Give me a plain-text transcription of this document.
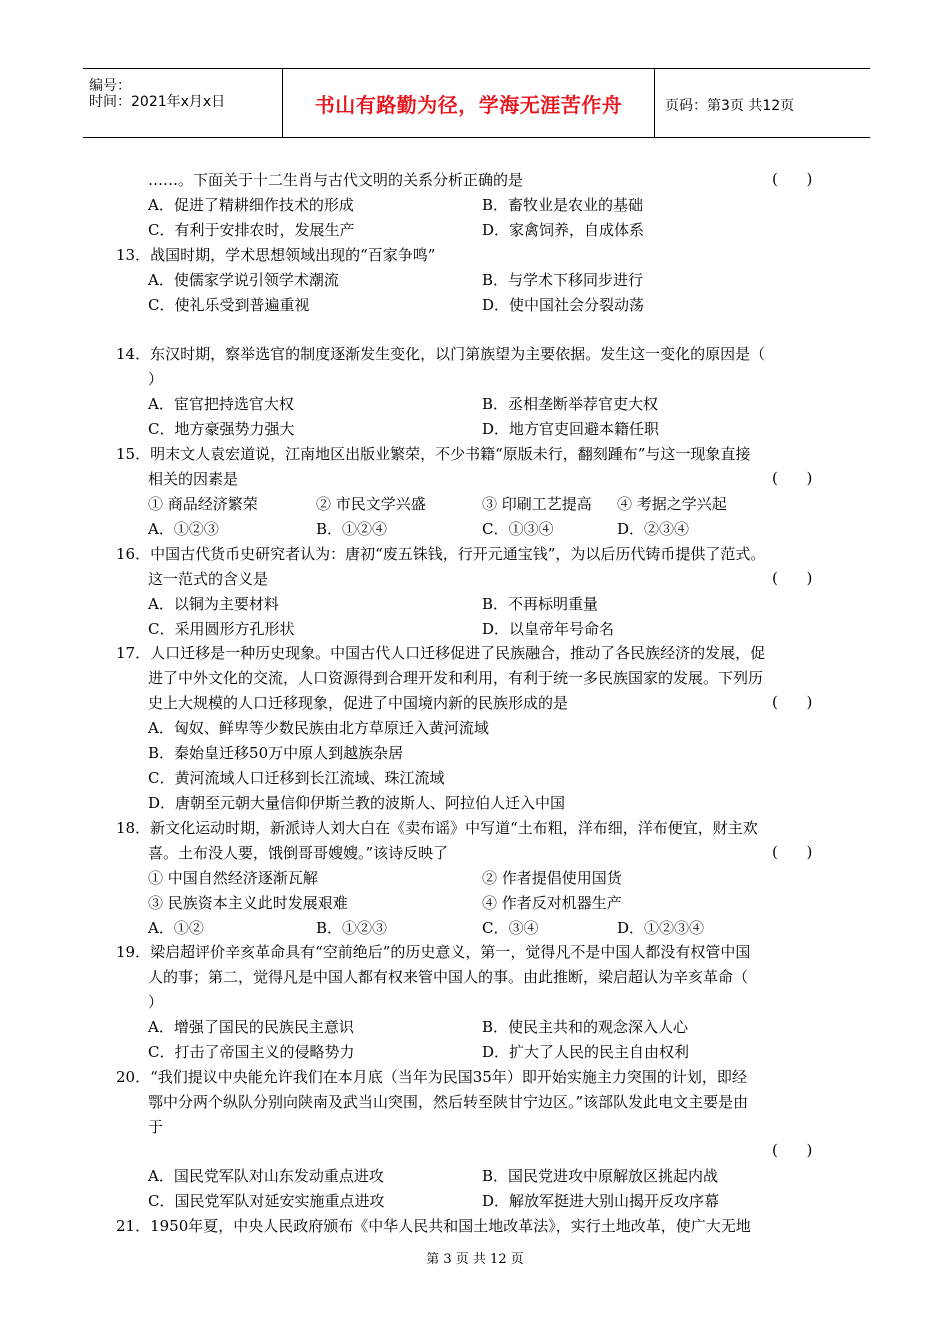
编号：
时间：2021年x月x日	书山有路勤为径，学海无涯苦作舟	页码：第3页 共12页
……。下面关于十二生肖与古代文明的关系分析正确的是	(      )
A．促进了精耕细作技术的形成	B．畜牧业是农业的基础
C．有利于安排农时，发展生产	D．家禽饲养，自成体系
13．战国时期，学术思想领域出现的“百家争鸣”
A．使儒家学说引领学术潮流	B．与学术下移同步进行
C．使礼乐受到普遍重视	D．使中国社会分裂动荡
14．东汉时期，察举选官的制度逐渐发生变化，以门第族望为主要依据。发生这一变化的原因是（
）
A．宦官把持选官大权	B．丞相垄断举荐官吏大权
C．地方豪强势力强大	D．地方官吏回避本籍任职
15．明末文人袁宏道说，江南地区出版业繁荣，不少书籍“原版未行，翻刻踵布”与这一现象直接
相关的因素是	(      )
① 商品经济繁荣	② 市民文学兴盛	③ 印刷工艺提高 ④ 考据之学兴起
A．①②③	B．①②④	C．①③④	D．②③④
16．中国古代货币史研究者认为：唐初“废五铢钱，行开元通宝钱”，为以后历代铸币提供了范式。
这一范式的含义是	(      )
A．以铜为主要材料	B．不再标明重量
C．采用圆形方孔形状	D．以皇帝年号命名
17．人口迁移是一种历史现象。中国古代人口迁移促进了民族融合，推动了各民族经济的发展，促
进了中外文化的交流，人口资源得到合理开发和利用，有利于统一多民族国家的发展。下列历
史上大规模的人口迁移现象，促进了中国境内新的民族形成的是	(      )
A．匈奴、鲜卑等少数民族由北方草原迁入黄河流域
B．秦始皇迁移50万中原人到越族杂居
C．黄河流域人口迁移到长江流域、珠江流域
D．唐朝至元朝大量信仰伊斯兰教的波斯人、阿拉伯人迁入中国
18．新文化运动时期，新派诗人刘大白在《卖布谣》中写道“土布粗，洋布细，洋布便宜，财主欢
喜。土布没人要，饿倒哥哥嫂嫂。”该诗反映了	(      )
① 中国自然经济逐渐瓦解	② 作者提倡使用国货
③ 民族资本主义此时发展艰难	④ 作者反对机器生产
A．①②	B．①②③	C．③④	D．①②③④
19．梁启超评价辛亥革命具有“空前绝后”的历史意义，第一，觉得凡不是中国人都没有权管中国
人的事；第二，觉得凡是中国人都有权来管中国人的事。由此推断，梁启超认为辛亥革命（
）
A．增强了国民的民族民主意识	B．使民主共和的观念深入人心
C．打击了帝国主义的侵略势力	D．扩大了人民的民主自由权利
20．“我们提议中央能允许我们在本月底（当年为民国35年）即开始实施主力突围的计划，即经
鄂中分两个纵队分别向陕南及武当山突围，然后转至陕甘宁边区。”该部队发此电文主要是由
于
(      )
A．国民党军队对山东发动重点进攻	B．国民党进攻中原解放区挑起内战
C．国民党军队对延安实施重点进攻	D．解放军挺进大别山揭开反攻序幕
21．1950年夏，中央人民政府颁布《中华人民共和国土地改革法》，实行土地改革，使广大无地
第 3 页 共 12 页
